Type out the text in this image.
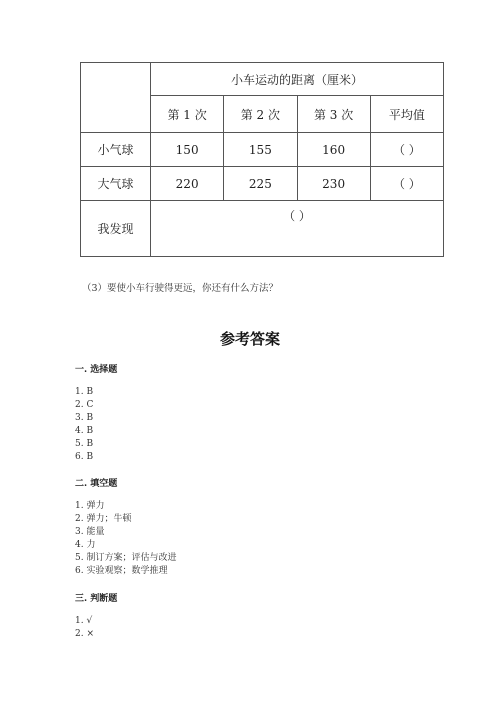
	小车运动的距离（厘米）			
	第 1 次	第 2 次	第 3 次	平均值
小气球	150	155	160	（ ）
大气球	220	225	230	（ ）
我发现	（ ）			
（3）要使小车行驶得更远，你还有什么方法？
参考答案
一. 选择题
1. B
2. C
3. B
4. B
5. B
6. B
二. 填空题
1. 弹力
2. 弹力；牛顿
3. 能量
4. 力
5. 制订方案；评估与改进
6. 实验观察；数学推理
三. 判断题
1. √
2. ×
